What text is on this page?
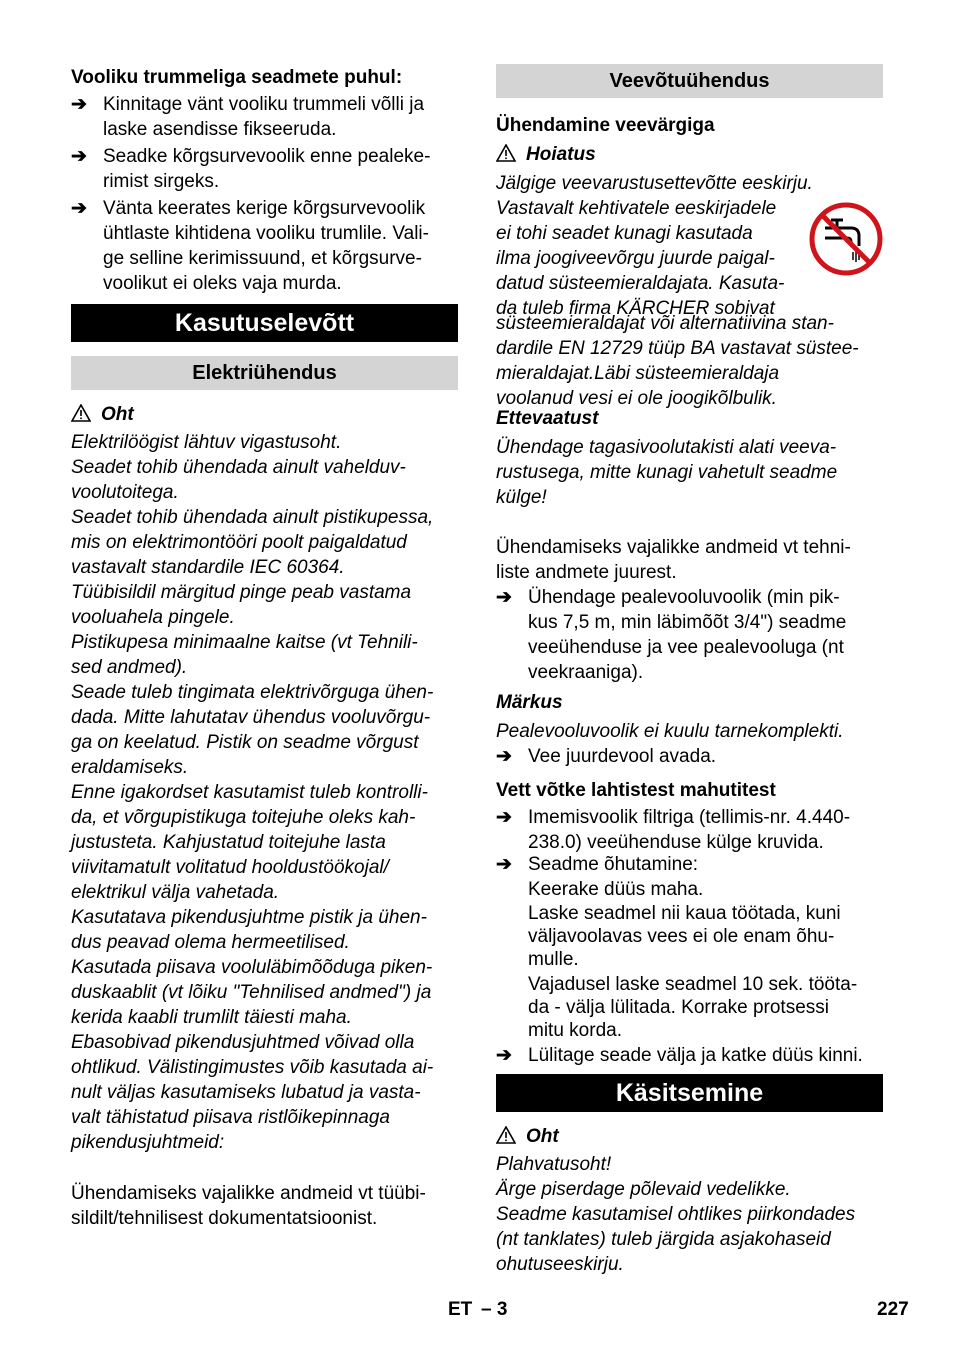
Vooliku trummeliga seadmete puhul:
➔ Kinnitage vänt vooliku trummeli võlli ja
laske asendisse fikseeruda.
➔ Seadke kõrgsurvevoolik enne pealeke-
rimist sirgeks.
➔ Vänta keerates kerige kõrgsurvevoolik
ühtlaste kihtidena vooliku trumlile. Vali-
ge selline kerimissuund, et kõrgsurve-
voolikut ei oleks vaja murda.
Kasutuselevõtt
Elektriühendus
Oht
Elektrilöögist lähtuv vigastusoht.
Seadet tohib ühendada ainult vahelduv-
voolutoitega.
Seadet tohib ühendada ainult pistikupessa,
mis on elektrimontööri poolt paigaldatud
vastavalt standardile IEC 60364.
Tüübisildil märgitud pinge peab vastama
vooluahela pingele.
Pistikupesa minimaalne kaitse (vt Tehnili-
sed andmed).
Seade tuleb tingimata elektrivõrguga ühen-
dada. Mitte lahutatav ühendus vooluvõrgu-
ga on keelatud. Pistik on seadme võrgust
eraldamiseks.
Enne igakordset kasutamist tuleb kontrolli-
da, et võrgupistikuga toitejuhe oleks kah-
justusteta. Kahjustatud toitejuhe lasta
viivitamatult volitatud hooldustöökojal/
elektrikul välja vahetada.
Kasutatava pikendusjuhtme pistik ja ühen-
dus peavad olema hermeetilised.
Kasutada piisava vooluläbimõõduga piken-
duskaablit (vt lõiku "Tehnilised andmed") ja
kerida kaabli trumlilt täiesti maha.
Ebasobivad pikendusjuhtmed võivad olla
ohtlikud. Välistingimustes võib kasutada ai-
nult väljas kasutamiseks lubatud ja vasta-
valt tähistatud piisava ristlõikepinnaga
pikendusjuhtmeid:
Ühendamiseks vajalikke andmeid vt tüübi-
sildilt/tehnilisest dokumentatsioonist.
Veevõtuühendus
Ühendamine veevärgiga
Hoiatus
Jälgige veevarustusettevõtte eeskirju.
Vastavalt kehtivatele eeskirjadele
ei tohi seadet kunagi kasutada
ilma joogiveevõrgu juurde paigal-
datud süsteemieraldajata. Kasuta-
da tuleb firma KÄRCHER sobivat
süsteemieraldajat või alternatiivina stan-
dardile EN 12729 tüüp BA vastavat süstee-
mieraldajat.Läbi süsteemieraldaja
voolanud vesi ei ole joogikõlbulik.
Ettevaatust
Ühendage tagasivoolutakisti alati veeva-
rustusega, mitte kunagi vahetult seadme
külge!
Ühendamiseks vajalikke andmeid vt tehni-
liste andmete juurest.
➔ Ühendage pealevooluvoolik (min pik-
kus 7,5 m, min läbimõõt 3/4") seadme
veeühenduse ja vee pealevooluga (nt
veekraaniga).
Märkus
Pealevooluvoolik ei kuulu tarnekomplekti.
➔ Vee juurdevool avada.
Vett võtke lahtistest mahutitest
➔ Imemisvoolik filtriga (tellimis-nr. 4.440-
238.0) veeühenduse külge kruvida.
➔ Seadme õhutamine:
Keerake düüs maha.
Laske seadmel nii kaua töötada, kuni
väljavoolavas vees ei ole enam õhu-
mulle.
Vajadusel laske seadmel 10 sek. tööta-
da - välja lülitada. Korrake protsessi
mitu korda.
➔ Lülitage seade välja ja katke düüs kinni.
Käsitsemine
Oht
Plahvatusoht!
Ärge piserdage põlevaid vedelikke.
Seadme kasutamisel ohtlikes piirkondades
(nt tanklates) tuleb järgida asjakohaseid
ohutuseeskirju.
ET – 3	227
